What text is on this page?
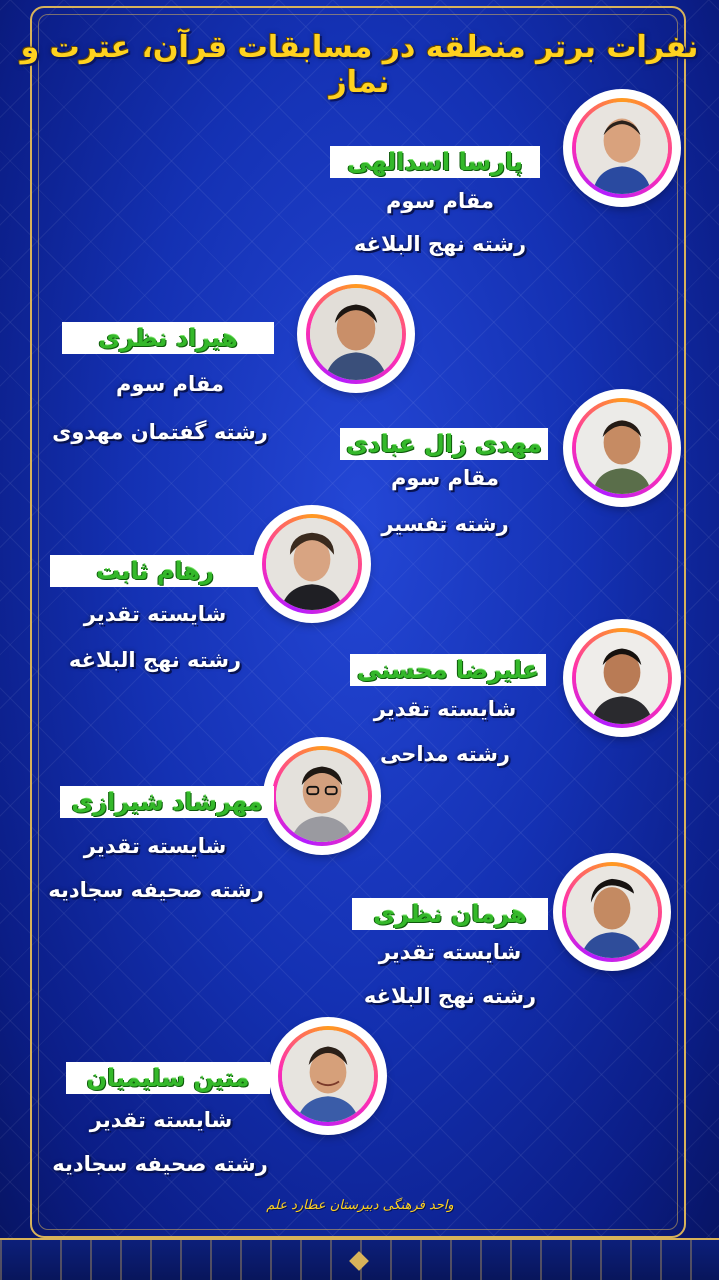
نفرات برتر منطقه در مسابقات قرآن، عترت و نماز
پارسا اسدالهی
مقام سوم
رشته نهج البلاغه
هیراد نظری
مقام سوم
رشته گفتمان مهدوی	مهدی زال عبادی
مقام سوم
رشته تفسیر
رهام ثابت
شایسته تقدیر
رشته نهج البلاغه	علیرضا محسنی
شایسته تقدیر
رشته مداحی
مهرشاد شیرازی
شایسته تقدیر
رشته صحیفه سجادیه
هرمان نظری
شایسته تقدیر
رشته نهج البلاغه
متین سلیمیان
شایسته تقدیر
رشته صحیفه سجادیه
واحد فرهنگی دبیرستان عطارد علم
